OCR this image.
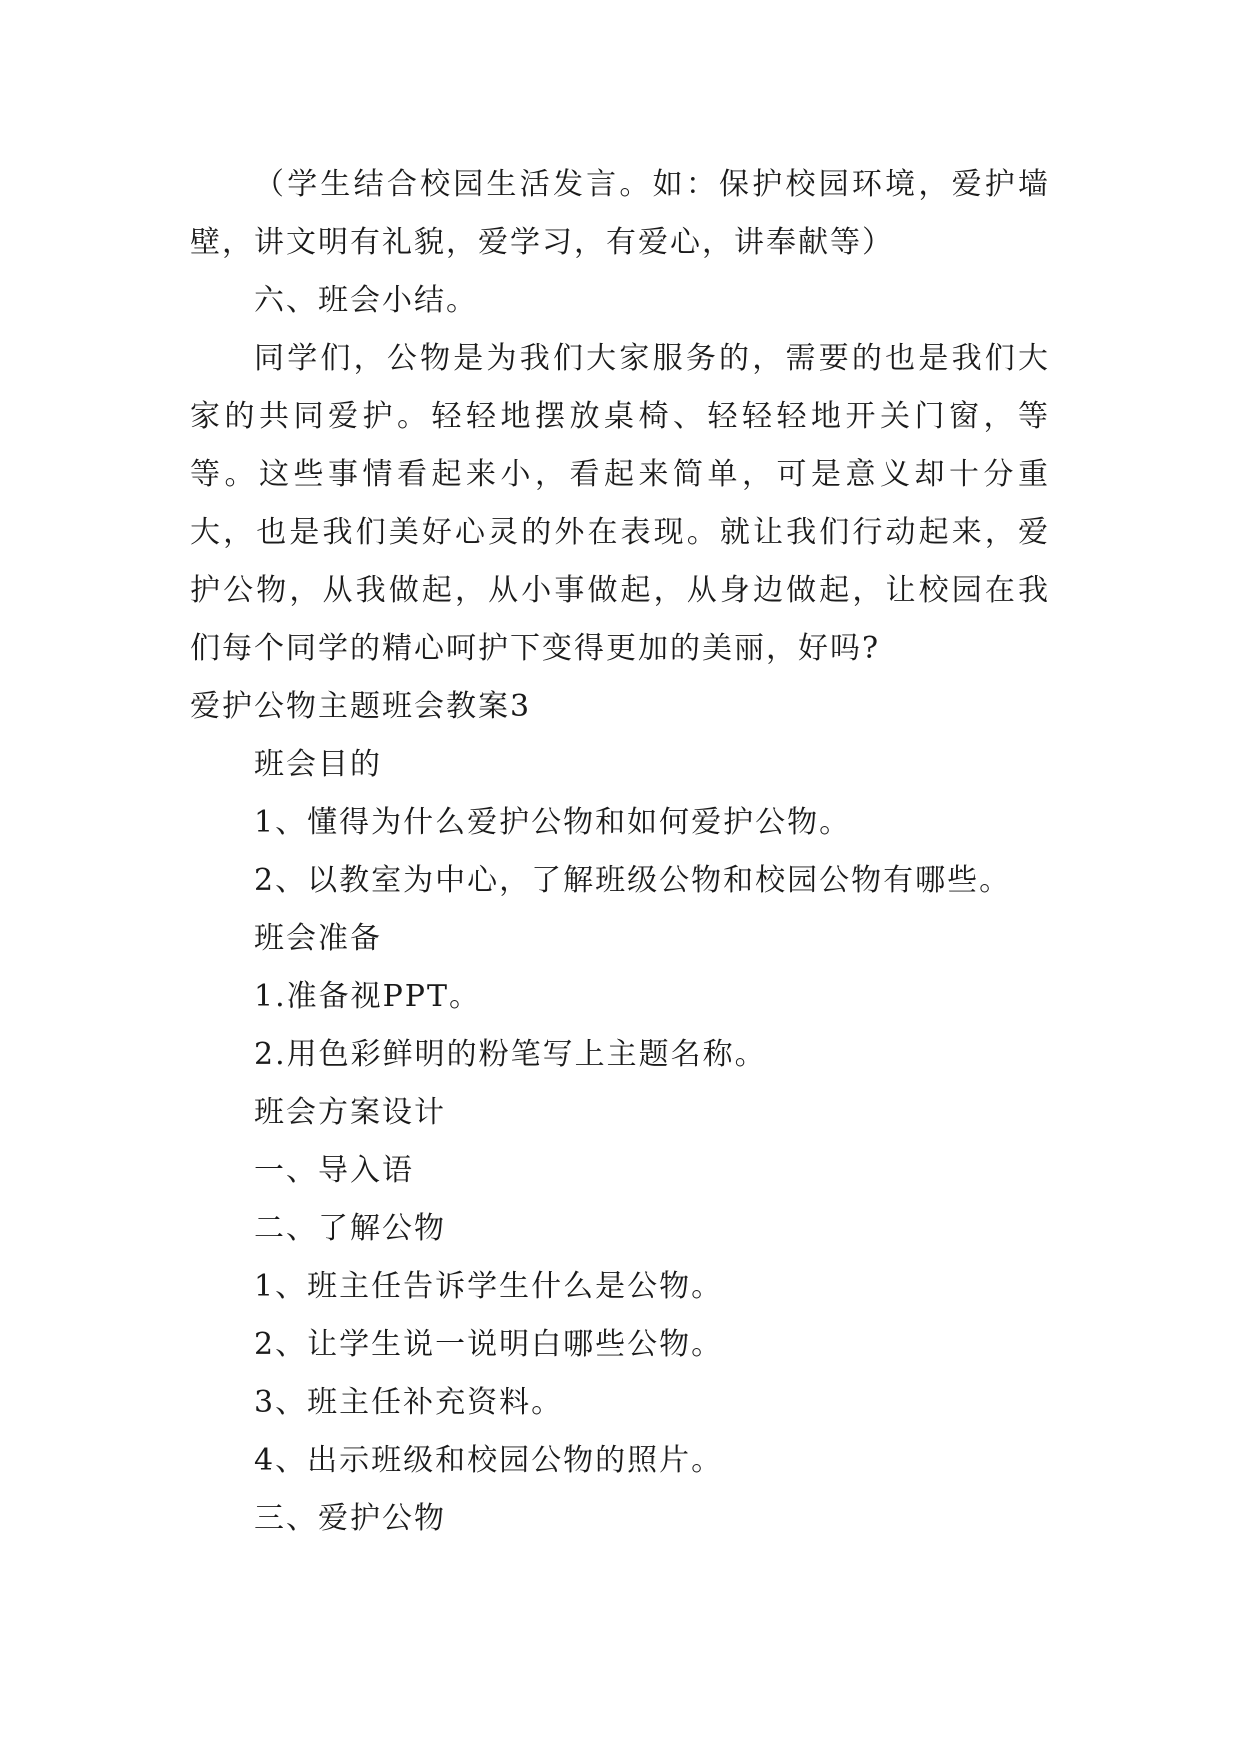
（学生结合校园生活发言。如：保护校园环境，爱护墙壁，讲文明有礼貌，爱学习，有爱心，讲奉献等）

六、班会小结。

同学们，公物是为我们大家服务的，需要的也是我们大家的共同爱护。轻轻地摆放桌椅、轻轻轻地开关门窗，等等。这些事情看起来小，看起来简单，可是意义却十分重大，也是我们美好心灵的外在表现。就让我们行动起来，爱护公物，从我做起，从小事做起，从身边做起，让校园在我们每个同学的精心呵护下变得更加的美丽，好吗?

爱护公物主题班会教案3

班会目的

1、懂得为什么爱护公物和如何爱护公物。

2、以教室为中心，了解班级公物和校园公物有哪些。

班会准备

1.准备视PPT。

2.用色彩鲜明的粉笔写上主题名称。

班会方案设计

一、导入语

二、了解公物

1、班主任告诉学生什么是公物。

2、让学生说一说明白哪些公物。

3、班主任补充资料。

4、出示班级和校园公物的照片。

三、爱护公物
